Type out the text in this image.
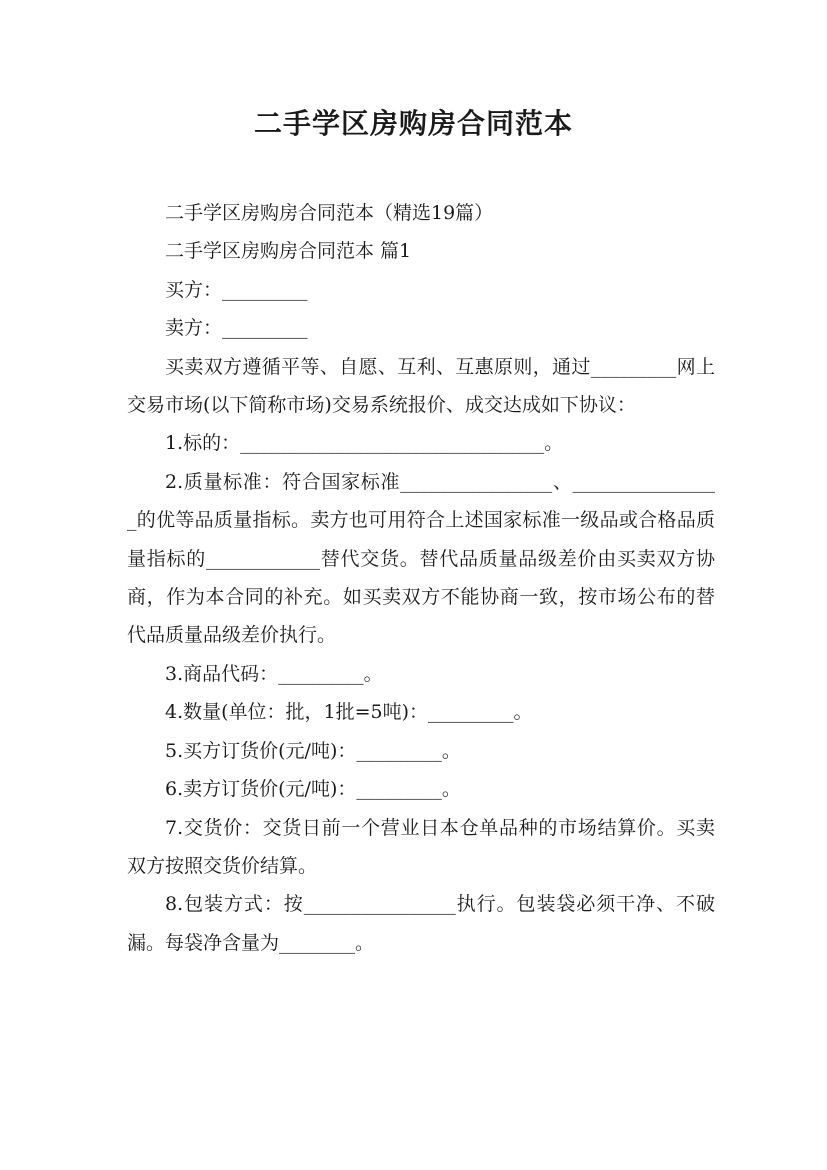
二手学区房购房合同范本

二手学区房购房合同范本（精选19篇）

二手学区房购房合同范本 篇1

买方：_________

卖方：_________

买卖双方遵循平等、自愿、互利、互惠原则，通过_________网上交易市场(以下简称市场)交易系统报价、成交达成如下协议：

1.标的：________________________________。

2.质量标准：符合国家标准________________、________________的优等品质量指标。卖方也可用符合上述国家标准一级品或合格品质量指标的____________替代交货。替代品质量品级差价由买卖双方协商，作为本合同的补充。如买卖双方不能协商一致，按市场公布的替代品质量品级差价执行。

3.商品代码：_________。

4.数量(单位：批，1批=5吨)：_________。

5.买方订货价(元/吨)：_________。

6.卖方订货价(元/吨)：_________。

7.交货价：交货日前一个营业日本仓单品种的市场结算价。买卖双方按照交货价结算。

8.包装方式：按________________执行。包装袋必须干净、不破漏。每袋净含量为________。
